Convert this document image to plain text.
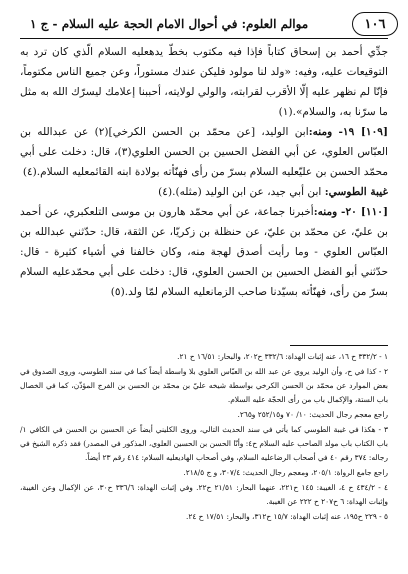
١٠٦
موالم العلوم: في أحوال الامام الحجة عليه السلام - ج ١

جدِّي أحمد بن إسحاق كتاباً فإذا فيه مكتوب بخطّ يدهعليه السلام الّذي كان ترد به التوقيعات عليه، وفيه: «ولد لنا مولود فليكن عندك مستوراً، وعن جميع الناس مكتوماً، فإنّا لم نظهر عليه إلّا الأقرب لقرابته، والولي لولايته، أحببنا إعلامك ليسرّك الله به مثل ما سرّنا به، والسلام».(١)

[١٠٩] ١٩- ومنه:ابن الوليد، [عن محمّد بن الحسن الكرخي](٢) عن عبدالله بن العبّاس العلوي، عن أبي الفضل الحسين بن الحسن العلوي(٣)، قال: دخلت على أبي محمّد الحسن بن عليّعليه السلام بسرّ من رأى فهنّأته بولادة ابنه القائمعليه السلام.(٤)

غيبة الطوسي: ابن أبي جيد، عن ابن الوليد (مثله).(٤)

[١١٠] ٢٠- ومنه:أخبرنا جماعة، عن أبي محمّد هارون بن موسى التلعكبري، عن أحمد بن عليّ، عن محمّد بن عليّ، عن حنظلة بن زكريّا، عن الثقة، قال: حدّثني عبدالله بن العبّاس العلوي - وما رأيت أصدق لهجة منه، وكان خالفنا في أشياء كثيرة - قال: حدّثني أبو الفضل الحسين بن الحسن العلوي، قال: دخلت على أبي محمّدعليه السلام بسرّ من رأى، فهنّأته بسيّدنا صاحب الزمانعليه السلام لمّا ولد.(٥)

١ - ٣٣٢/٢ ح ١٦، عنه إثبات الهداة: ٣٣٢/٦ ح٢٠٢، والبحار: ١٦/٥١ ح ٢١.

٢ - كذا في ح، وأن الوليد يروي عن عبد الله بن العبّاس العلوي بلا واسطة أيضاً كما في سند الطوسي، وروى الصدوق في بعض الموارد عن محمّد بن الحسن الكرخي بواسطة شيخه عليّ بن محمّد بن الحسن بن الفرج المؤذّن، كما في الخصال باب الستة، والإكمال باب من رأى الحجّة عليه السلام.

راجع معجم رجال الحديث: ١٠/ ٧٠ و٢٥٢/١٥ و٢٦٥.

٣ - هكذا في غيبة الطوسي كما يأتي في سند الحديث التالي، وروى الكليني أيضاً عن الحسين بن الحسن في الكافي ١/ باب الكتاب باب مولد الصاحب عليه السلام ح٤: وأنّا الحسن بن الحسين العلوي، المذكور في المصدر) فقد ذكره الشيخ في رجاله: ٣٧٤ رقم ٤٠ في أصحاب الرضاعليه السلام، وفي أصحاب الهاديعليه السلام: ٤١٤ رقم ٢٣ أيضاً.

راجع جامع الرواة: ٢٠٥/١، ومعجم رجال الحديث: ٣٠٧/٤، و ج ٢١٨/٥.

٤ - ٤٣٤/٢ ح ٤، الغيبة: ١٤٥ ح٢٢١، عنهما البحار: ٢١/٥١ ح٢٢. وفي إثبات الهداة: ٣٣٦/٦ ح٣٠، عن الإكمال وعن الغيبة، وإثبات الهداة: ٦ ح٢٠٧ ح ٢٢٢ عن الغيبة.

٥ - ٢٢٩ ح١٩٥، عنه إثبات الهداة: ١٥/٧ ح٣١٢، والبحار: ١٧/٥١ ح ٢٤.
